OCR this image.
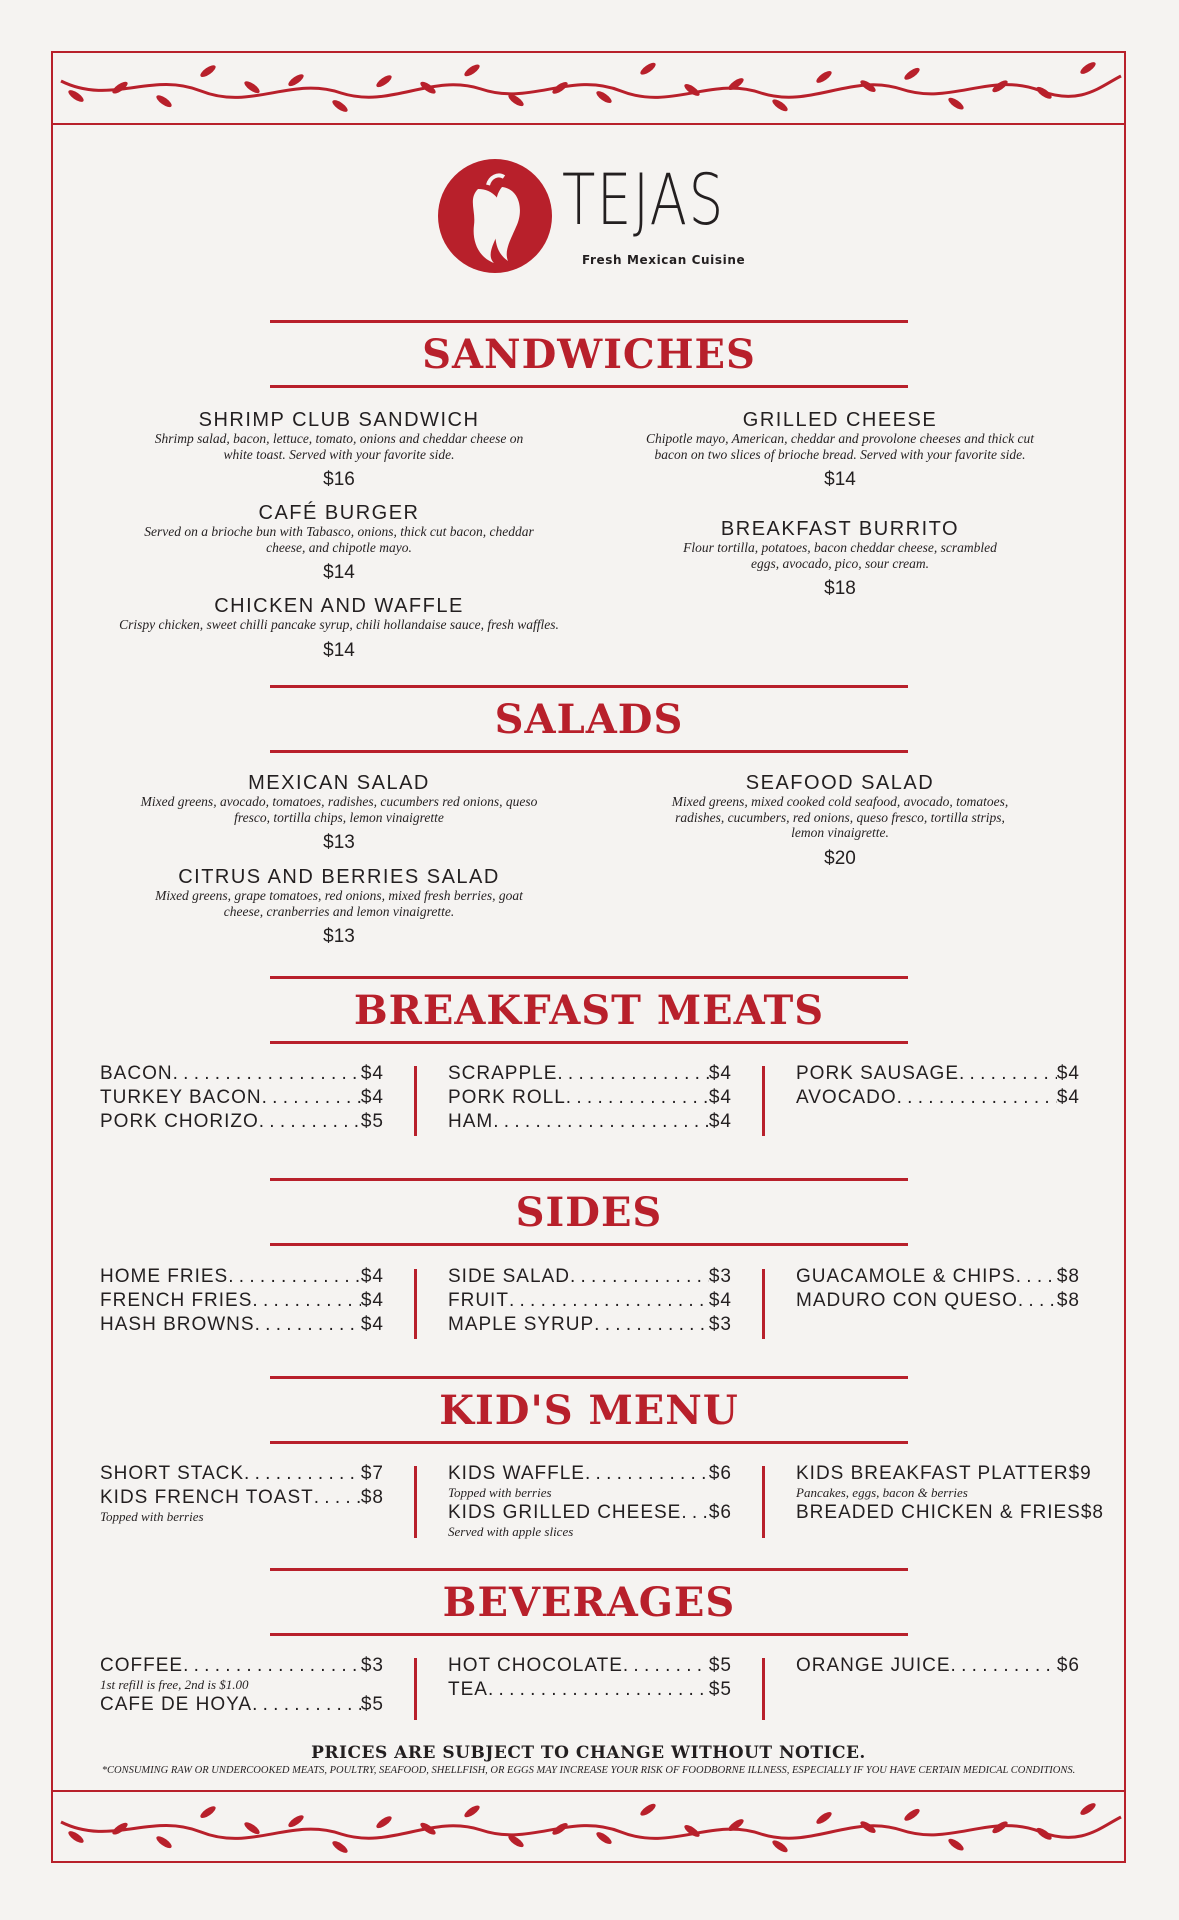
TEJAS
Fresh Mexican Cuisine
SANDWICHES
SHRIMP CLUB SANDWICH
Shrimp salad, bacon, lettuce, tomato, onions and cheddar cheese on white toast. Served with your favorite side.
$16
CAFÉ BURGER
Served on a brioche bun with Tabasco, onions, thick cut bacon, cheddar cheese, and chipotle mayo.
$14
CHICKEN AND WAFFLE
Crispy chicken, sweet chilli pancake syrup, chili hollandaise sauce, fresh waffles.
$14
GRILLED CHEESE
Chipotle mayo, American, cheddar and provolone cheeses and thick cut bacon on two slices of brioche bread. Served with your favorite side.
$14
BREAKFAST BURRITO
Flour tortilla, potatoes, bacon cheddar cheese, scrambled eggs, avocado, pico, sour cream.
$18
SALADS
MEXICAN SALAD
Mixed greens, avocado, tomatoes, radishes, cucumbers red onions, queso fresco, tortilla chips, lemon vinaigrette
$13
CITRUS AND BERRIES SALAD
Mixed greens, grape tomatoes, red onions, mixed fresh berries, goat cheese, cranberries and lemon vinaigrette.
$13
SEAFOOD SALAD
Mixed greens, mixed cooked cold seafood, avocado, tomatoes, radishes, cucumbers, red onions, queso fresco, tortilla strips, lemon vinaigrette.
$20
BREAKFAST MEATS
BACON . . .	$4
TURKEY BACON . . .	$4
PORK CHORIZO . . .	$5
SCRAPPLE . . .	$4
PORK ROLL . . .	$4
HAM . . .	$4
PORK SAUSAGE . . .	$4
AVOCADO . . .	$4
SIDES
HOME FRIES . . .	$4
FRENCH FRIES . . .	$4
HASH BROWNS . . .	$4
SIDE SALAD . . .	$3
FRUIT . . .	$4
MAPLE SYRUP . . .	$3
GUACAMOLE & CHIPS . . . $8
MADURO CON QUESO . . . $8
KID'S MENU
SHORT STACK . . .	$7
KIDS FRENCH TOAST . . . $8
Topped with berries
KIDS WAFFLE . . .	$6
Topped with berries
KIDS GRILLED CHEESE . . . $6
Served with apple slices
KIDS BREAKFAST PLATTER $9
Pancakes, eggs, bacon & berries
BREADED CHICKEN & FRIES $8
BEVERAGES
COFFEE . . .	$3
1st refill is free, 2nd is $1.00
CAFE DE HOYA . . .	$5
HOT CHOCOLATE . . .	$5
TEA . . .	$5
ORANGE JUICE . . .	$6
PRICES ARE SUBJECT TO CHANGE WITHOUT NOTICE.
*CONSUMING RAW OR UNDERCOOKED MEATS, POULTRY, SEAFOOD, SHELLFISH, OR EGGS MAY INCREASE YOUR RISK OF FOODBORNE ILLNESS, ESPECIALLY IF YOU HAVE CERTAIN MEDICAL CONDITIONS.
